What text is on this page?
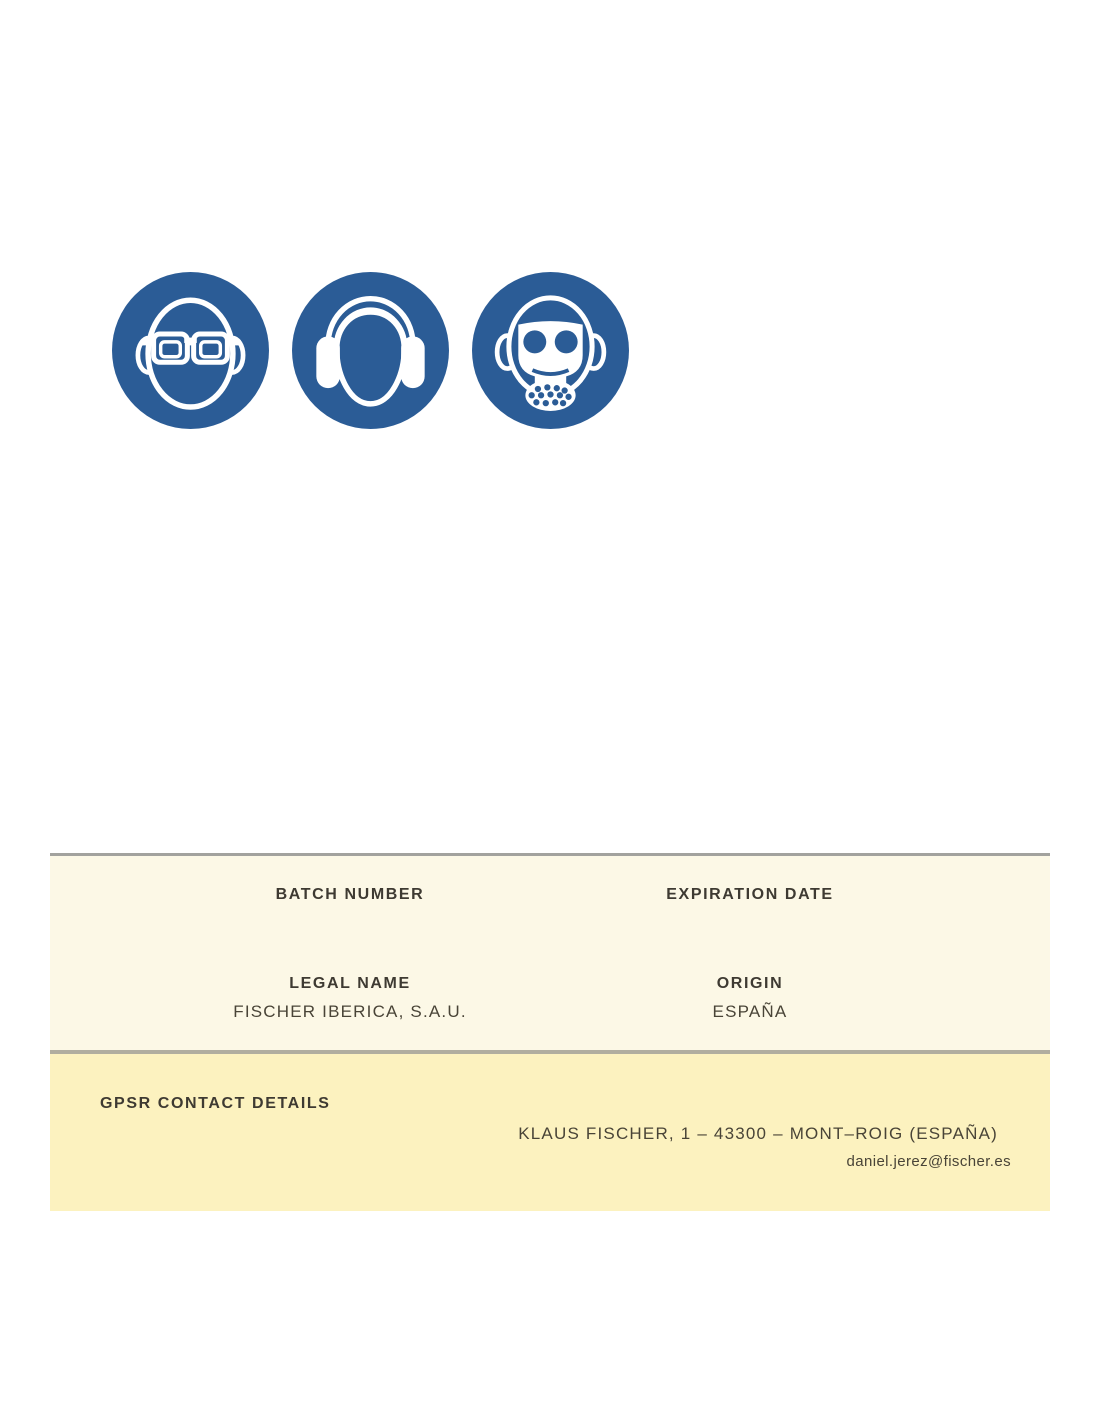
BATCH NUMBER	EXPIRATION DATE
LEGAL NAME
FISCHER IBERICA, S.A.U.
ORIGIN
ESPAÑA
GPSR CONTACT DETAILS
KLAUS FISCHER, 1 – 43300 – MONT–ROIG (ESPAÑA)
daniel.jerez@fischer.es
